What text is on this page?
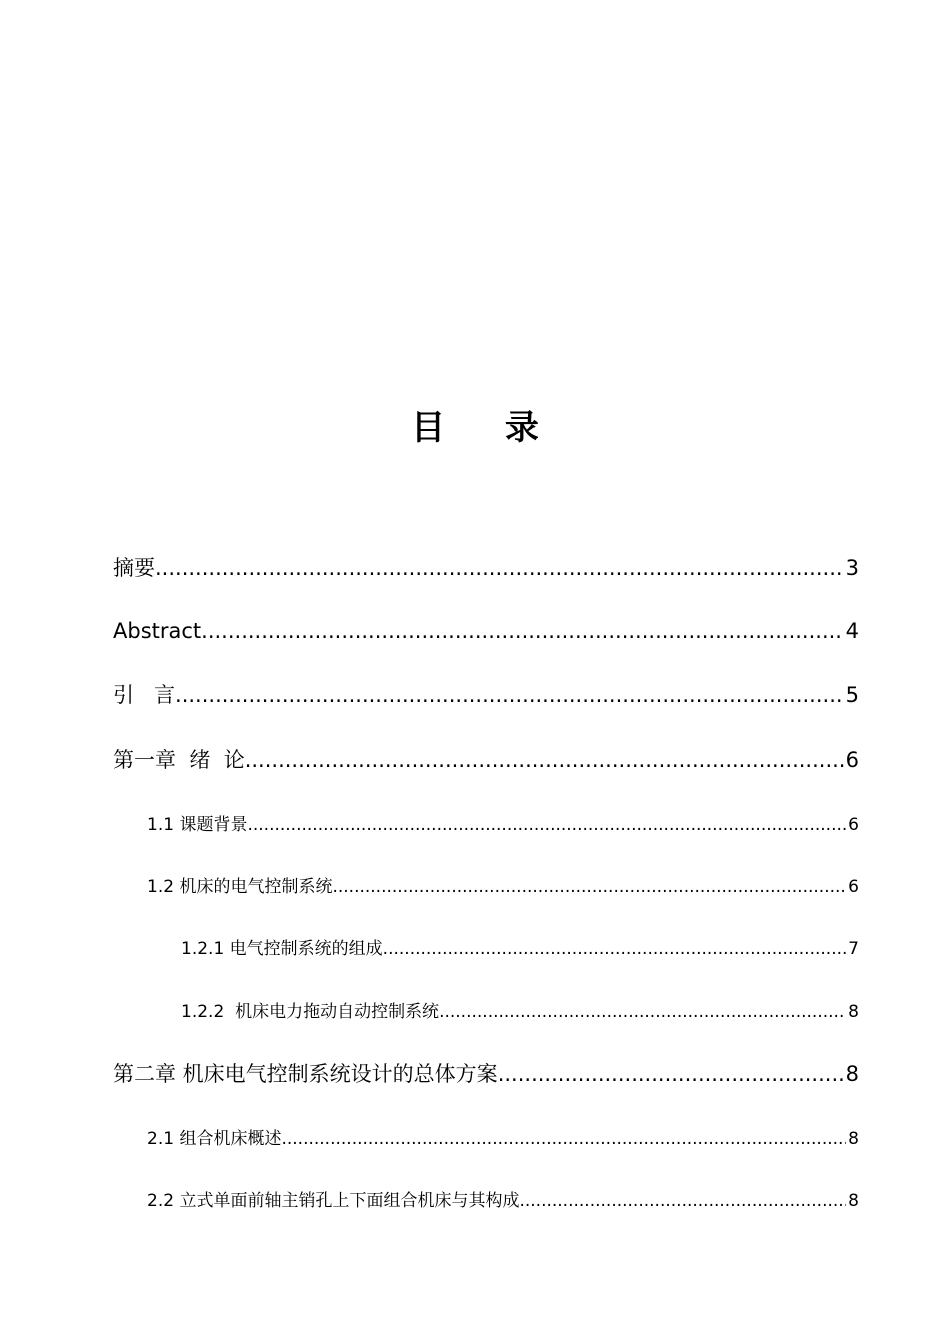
目 录
摘要 .....	3
Abstract .....	4
引   言 .....	5
第一章  绪  论 .....	6
1.1 课题背景 .....	6
1.2 机床的电气控制系统 .....	6
1.2.1 电气控制系统的组成 .....	7
1.2.2  机床电力拖动自动控制系统 .....	8
第二章 机床电气控制系统设计的总体方案 .....	8
2.1 组合机床概述 .....	8
2.2 立式单面前轴主销孔上下面组合机床与其构成 .....	8
